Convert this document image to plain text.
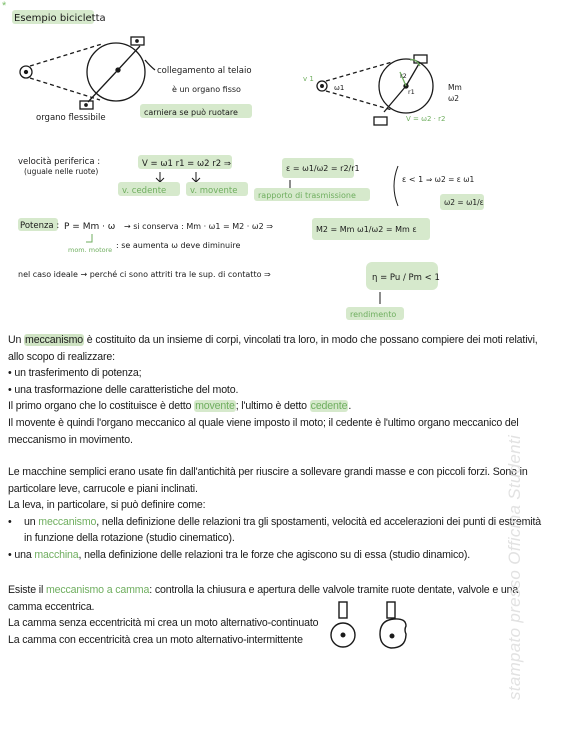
*
Esempio bicicletta
collegamento al telaio
è un organo fisso
organo flessibile
carniera se può ruotare
v 1
ω1
r2
r1	Mm
ω2
V = ω2 · r2
velocità periferica :
(uguale nelle ruote)
V = ω1 r1 = ω2 r2 ⇒
v. cedente	v. movente
ε = ω1/ω2 = r2/r1
rapporto di trasmissione
ε < 1 ⇒ ω2 = ε ω1
ω2 = ω1/ε
Potenza : P = Mm · ω → si conserva : Mm · ω1 = M2 · ω2 ⇒	M2 = Mm ω1/ω2 = Mm ε
mom. motore : se aumenta ω deve diminuire
nel caso ideale → perché ci sono attriti tra le sup. di contatto ⇒	η = Pu / Pm < 1
rendimento

Un meccanismo è costituito da un insieme di corpi, vincolati tra loro, in modo che possano compiere dei moti relativi, allo scopo di realizzare:

• un trasferimento di potenza;

• una trasformazione delle caratteristiche del moto.

Il primo organo che lo costituisce è detto movente; l'ultimo è detto cedente.

Il movente è quindi l'organo meccanico al quale viene imposto il moto; il cedente è l'ultimo organo meccanico del meccanismo in movimento.

Le macchine semplici erano usate fin dall'antichità per riuscire a sollevare grandi masse e con piccoli forzi. Sono in particolare leve, carrucole e piani inclinati.

La leva, in particolare, si può definire come:

•	un meccanismo, nella definizione delle relazioni tra gli spostamenti, velocità ed accelerazioni dei punti di estremità in funzione della rotazione (studio cinematico).

• una macchina, nella definizione delle relazioni tra le forze che agiscono su di essa (studio dinamico).

Esiste il meccanismo a camma: controlla la chiusura e apertura delle valvole tramite ruote dentate, valvole e una camma eccentrica.

La camma senza eccentricità mi crea un moto alternativo-continuato

La camma con eccentricità crea un moto alternativo-intermittente	stampato presso Officina Studenti
